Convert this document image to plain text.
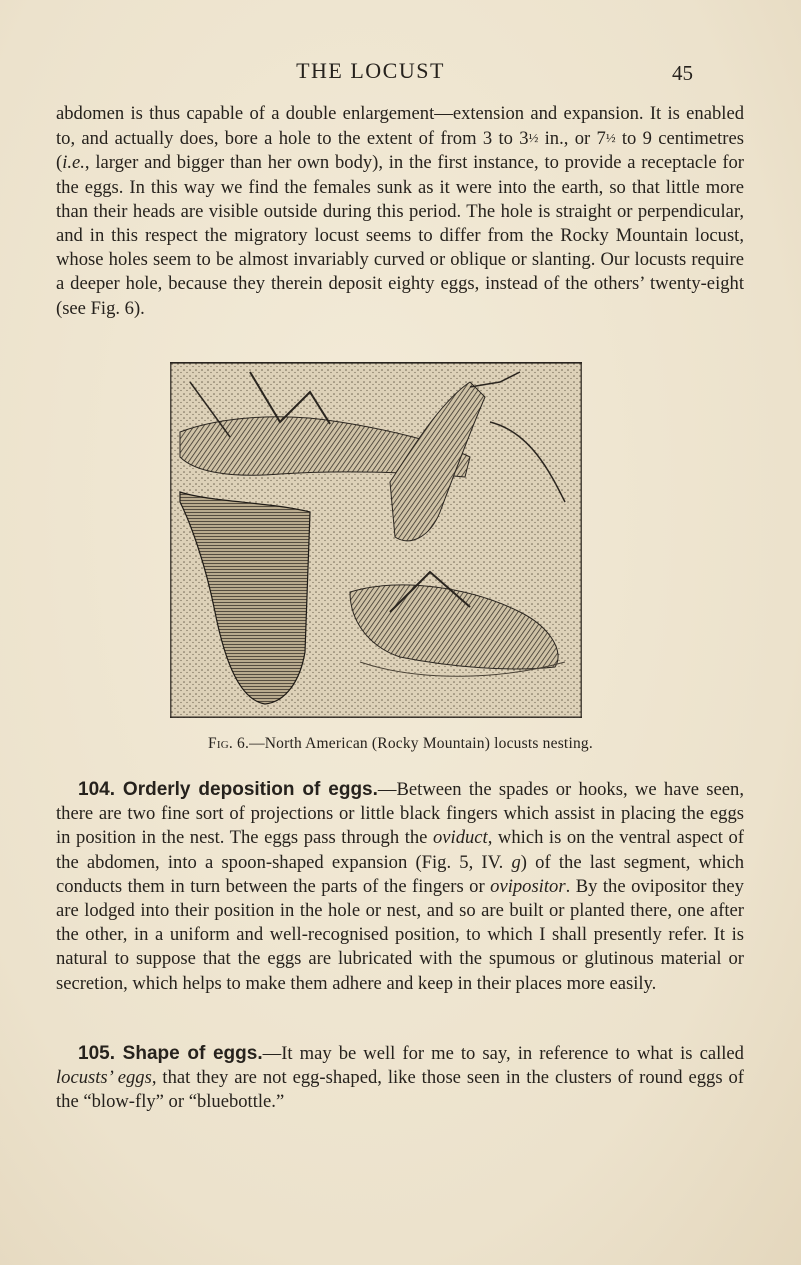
THE LOCUST	45

abdomen is thus capable of a double enlargement—extension and expansion. It is enabled to, and actually does, bore a hole to the extent of from 3 to 3½ in., or 7½ to 9 centimetres (i.e., larger and bigger than her own body), in the first instance, to provide a receptacle for the eggs. In this way we find the females sunk as it were into the earth, so that little more than their heads are visible outside during this period. The hole is straight or perpendicular, and in this respect the migratory locust seems to differ from the Rocky Mountain locust, whose holes seem to be almost invariably curved or oblique or slanting. Our locusts require a deeper hole, because they therein deposit eighty eggs, instead of the others’ twenty-eight (see Fig. 6).

Fig. 6.—North American (Rocky Mountain) locusts nesting.

104. Orderly deposition of eggs.—Between the spades or hooks, we have seen, there are two fine sort of projections or little black fingers which assist in placing the eggs in position in the nest. The eggs pass through the oviduct, which is on the ventral aspect of the abdomen, into a spoon-shaped expansion (Fig. 5, IV. g) of the last segment, which conducts them in turn between the parts of the fingers or ovipositor. By the ovipositor they are lodged into their position in the hole or nest, and so are built or planted there, one after the other, in a uniform and well-recognised position, to which I shall presently refer. It is natural to suppose that the eggs are lubricated with the spumous or glutinous material or secretion, which helps to make them adhere and keep in their places more easily.

105. Shape of eggs.—It may be well for me to say, in reference to what is called locusts’ eggs, that they are not egg-shaped, like those seen in the clusters of round eggs of the “blow-fly” or “bluebottle.”
